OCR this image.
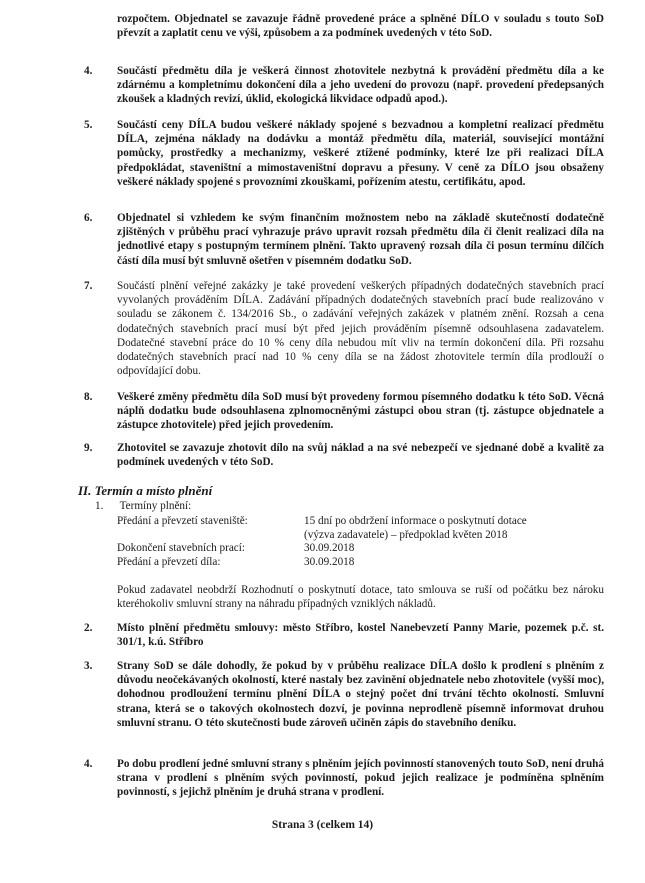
rozpočtem. Objednatel se zavazuje řádně provedené práce a splněné DÍLO v souladu s touto SoD převzít a zaplatit cenu ve výši, způsobem a za podmínek uvedených v této SoD.
4.	Součástí předmětu díla je veškerá činnost zhotovitele nezbytná k provádění předmětu díla a ke zdárnému a kompletnímu dokončení díla a jeho uvedení do provozu (např. provedení předepsaných zkoušek a kladných revizí, úklid, ekologická likvidace odpadů apod.).
5.	Součástí ceny DÍLA budou veškeré náklady spojené s bezvadnou a kompletní realizací předmětu DÍLA, zejména náklady na dodávku a montáž předmětu díla, materiál, související montážní pomůcky, prostředky a mechanizmy, veškeré ztížené podmínky, které lze při realizaci DÍLA předpokládat, staveništní a mimostaveništní dopravu a přesuny. V ceně za DÍLO jsou obsaženy veškeré náklady spojené s provozními zkouškami, pořízením atestu, certifikátu, apod.
6.	Objednatel si vzhledem ke svým finančním možnostem nebo na základě skutečností dodatečně zjištěných v průběhu prací vyhrazuje právo upravit rozsah předmětu díla či členit realizaci díla na jednotlivé etapy s postupným termínem plnění. Takto upravený rozsah díla či posun termínu dílčích částí díla musí být smluvně ošetřen v písemném dodatku SoD.
7.	Součástí plnění veřejné zakázky je také provedení veškerých případných dodatečných stavebních prací vyvolaných prováděním DÍLA. Zadávání případných dodatečných stavebních prací bude realizováno v souladu se zákonem č. 134/2016 Sb., o zadávání veřejných zakázek v platném znění. Rozsah a cena dodatečných stavebních prací musí být před jejich prováděním písemně odsouhlasena zadavatelem. Dodatečné stavební práce do 10 % ceny díla nebudou mít vliv na termín dokončení díla. Při rozsahu dodatečných stavebních prací nad 10 % ceny díla se na žádost zhotovitele termín díla prodlouží o odpovídající dobu.
8.	Veškeré změny předmětu díla SoD musí být provedeny formou písemného dodatku k této SoD. Věcná náplň dodatku bude odsouhlasena zplnomocněnými zástupci obou stran (tj. zástupce objednatele a zástupce zhotovitele) před jejich provedením.
9.	Zhotovitel se zavazuje zhotovit dílo na svůj náklad a na své nebezpečí ve sjednané době a kvalitě za podmínek uvedených v této SoD.
II. Termín a místo plnění
1. Termíny plnění:
Předání a převzetí staveniště:	15 dní po obdržení informace o poskytnutí dotace
(výzva zadavatele) – předpoklad květen 2018

Dokončení stavebních prací:	30.09.2018
Předání a převzetí díla:	30.09.2018
Pokud zadavatel neobdrží Rozhodnutí o poskytnutí dotace, tato smlouva se ruší od počátku bez nároku kteréhokoliv smluvní strany na náhradu případných vzniklých nákladů.
2.	Místo plnění předmětu smlouvy: město Stříbro, kostel Nanebevzetí Panny Marie, pozemek p.č. st. 301/1, k.ú. Stříbro
3.	Strany SoD se dále dohodly, že pokud by v průběhu realizace DÍLA došlo k prodlení s plněním z důvodu neočekávaných okolností, které nastaly bez zavinění objednatele nebo zhotovitele (vyšší moc), dohodnou prodloužení termínu plnění DÍLA o stejný počet dní trvání těchto okolností. Smluvní strana, která se o takových okolnostech dozví, je povinna neprodleně písemně informovat druhou smluvní stranu. O této skutečnosti bude zároveň učiněn zápis do stavebního deníku.
4.	Po dobu prodlení jedné smluvní strany s plněním jejích povinností stanovených touto SoD, není druhá strana v prodlení s plněním svých povinností, pokud jejich realizace je podmíněna splněním povinností, s jejichž plněním je druhá strana v prodlení.
Strana 3 (celkem 14)
